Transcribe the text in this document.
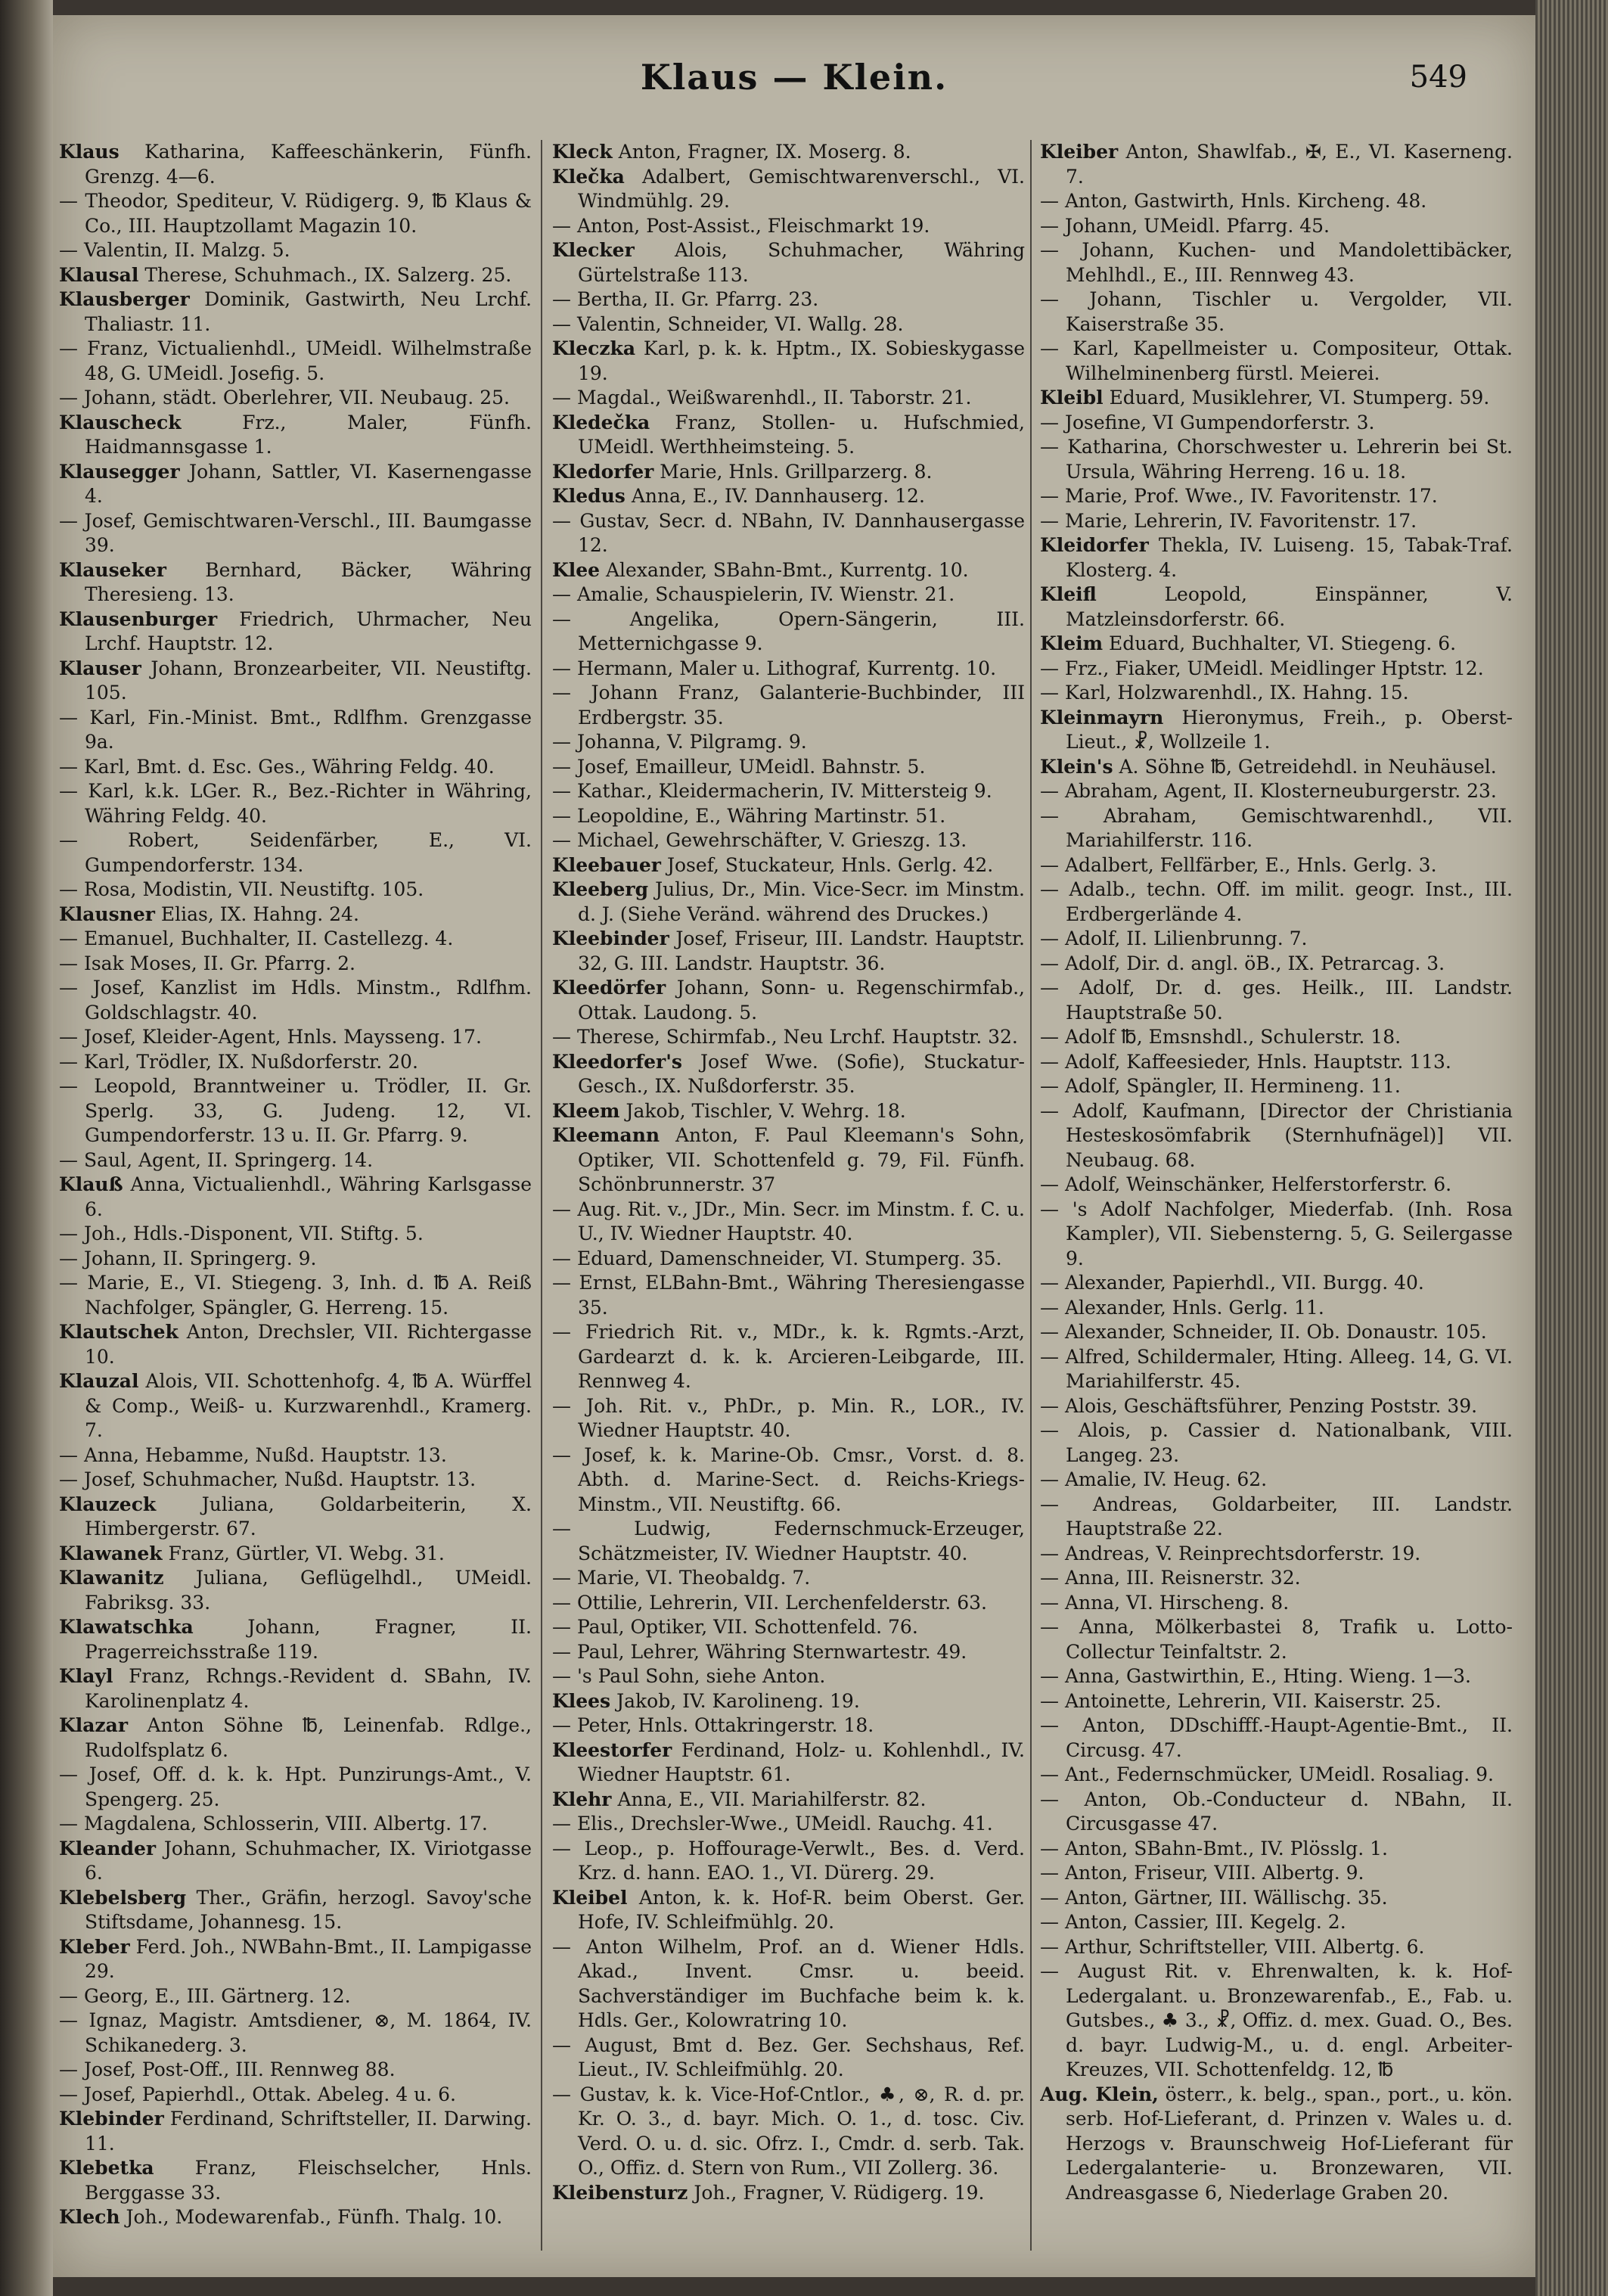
Klaus — Klein.	549

Klaus Katharina, Kaffeeschänkerin, Fünfh. Grenzg. 4—6.

— Theodor, Spediteur, V. Rüdigerg. 9, ℔ Klaus & Co., III. Hauptzollamt Magazin 10.

— Valentin, II. Malzg. 5.

Klausal Therese, Schuhmach., IX. Salzerg. 25.

Klausberger Dominik, Gastwirth, Neu Lrchf. Thaliastr. 11.

— Franz, Victualienhdl., UMeidl. Wilhelmstraße 48, G. UMeidl. Josefig. 5.

— Johann, städt. Oberlehrer, VII. Neubaug. 25.

Klauscheck	Frz., Maler, Fünfh. Haidmannsgasse 1.

Klausegger Johann, Sattler, VI. Kasernengasse 4.

— Josef, Gemischtwaren-Verschl., III. Baumgasse 39.

Klauseker Bernhard, Bäcker, Währing Theresieng. 13.

Klausenburger Friedrich, Uhrmacher, Neu Lrchf. Hauptstr. 12.

Klauser Johann, Bronzearbeiter, VII. Neustiftg. 105.

— Karl, Fin.-Minist. Bmt., Rdlfhm. Grenzgasse 9a.

— Karl, Bmt. d. Esc. Ges., Währing Feldg. 40.

— Karl, k.k. LGer. R., Bez.-Richter in Währing, Währing Feldg. 40.

— Robert, Seidenfärber, E., VI. Gumpendorferstr. 134.

— Rosa, Modistin, VII. Neustiftg. 105.

Klausner Elias, IX. Hahng. 24.

— Emanuel, Buchhalter, II. Castellezg. 4.

— Isak Moses, II. Gr. Pfarrg. 2.

— Josef, Kanzlist im Hdls. Minstm., Rdlfhm. Goldschlagstr. 40.

— Josef, Kleider-Agent, Hnls. Maysseng. 17.

— Karl, Trödler, IX. Nußdorferstr. 20.

— Leopold, Branntweiner u. Trödler, II. Gr. Sperlg. 33, G. Judeng. 12, VI. Gumpendorferstr. 13 u. II. Gr. Pfarrg. 9.

— Saul, Agent, II. Springerg. 14.

Klauß Anna, Victualienhdl., Währing Karlsgasse 6.

— Joh., Hdls.-Disponent, VII. Stiftg. 5.

— Johann, II. Springerg. 9.

— Marie, E., VI. Stiegeng. 3, Inh. d. ℔ A. Reiß Nachfolger, Spängler, G. Herreng. 15.

Klautschek Anton, Drechsler, VII. Richtergasse 10.

Klauzal Alois, VII. Schottenhofg. 4, ℔ A. Würffel & Comp., Weiß- u. Kurzwarenhdl., Kramerg. 7.

— Anna, Hebamme, Nußd. Hauptstr. 13.

— Josef, Schuhmacher, Nußd. Hauptstr. 13.

Klauzeck Juliana, Goldarbeiterin, X. Himbergerstr. 67.

Klawanek Franz, Gürtler, VI. Webg. 31.

Klawanitz Juliana, Geflügelhdl., UMeidl. Fabriksg. 33.

Klawatschka	Johann, Fragner, II. Pragerreichsstraße 119.

Klayl Franz, Rchngs.-Revident d. SBahn, IV. Karolinenplatz 4.

Klazar Anton Söhne ℔, Leinenfab. Rdlge., Rudolfsplatz 6.

— Josef, Off. d. k. k. Hpt. Punzirungs-Amt., V. Spengerg. 25.

— Magdalena, Schlosserin, VIII. Albertg. 17.

Kleander Johann, Schuhmacher, IX. Viriotgasse 6.

Klebelsberg Ther., Gräfin, herzogl. Savoy'sche Stiftsdame, Johannesg. 15.

Kleber Ferd. Joh., NWBahn-Bmt., II. Lampigasse 29.

— Georg, E., III. Gärtnerg. 12.

— Ignaz, Magistr. Amtsdiener, ⊗, M. 1864, IV. Schikanederg. 3.

— Josef, Post-Off., III. Rennweg 88.

— Josef, Papierhdl., Ottak. Abeleg. 4 u. 6.

Klebinder Ferdinand, Schriftsteller, II. Darwing. 11.

Klebetka Franz, Fleischselcher, Hnls. Berggasse 33.

Klech Joh., Modewarenfab., Fünfh. Thalg. 10.

Kleck Anton, Fragner, IX. Moserg. 8.

Klečka Adalbert, Gemischtwarenverschl., VI. Windmühlg. 29.

— Anton, Post-Assist., Fleischmarkt 19.

Klecker Alois, Schuhmacher, Währing Gürtelstraße 113.

— Bertha, II. Gr. Pfarrg. 23.

— Valentin, Schneider, VI. Wallg. 28.

Kleczka Karl, p. k. k. Hptm., IX. Sobieskygasse 19.

— Magdal., Weißwarenhdl., II. Taborstr. 21.

Kledečka Franz, Stollen- u. Hufschmied, UMeidl. Werthheimsteing. 5.

Kledorfer Marie, Hnls. Grillparzerg. 8.

Kledus Anna, E., IV. Dannhauserg. 12.

— Gustav, Secr. d. NBahn, IV. Dannhausergasse 12.

Klee Alexander, SBahn-Bmt., Kurrentg. 10.

— Amalie, Schauspielerin, IV. Wienstr. 21.

— Angelika, Opern-Sängerin, III. Metternichgasse 9.

— Hermann, Maler u. Lithograf, Kurrentg. 10.

— Johann Franz, Galanterie-Buchbinder, III Erdbergstr. 35.

— Johanna, V. Pilgramg. 9.

— Josef, Emailleur, UMeidl. Bahnstr. 5.

— Kathar., Kleidermacherin, IV. Mittersteig 9.

— Leopoldine, E., Währing Martinstr. 51.

— Michael, Gewehrschäfter, V. Grieszg. 13.

Kleebauer Josef, Stuckateur, Hnls. Gerlg. 42.

Kleeberg Julius, Dr., Min. Vice-Secr. im Minstm. d. J. (Siehe Veränd. während des Druckes.)

Kleebinder Josef, Friseur, III. Landstr. Hauptstr. 32, G. III. Landstr. Hauptstr. 36.

Kleedörfer Johann, Sonn- u. Regenschirmfab., Ottak. Laudong. 5.

— Therese, Schirmfab., Neu Lrchf. Hauptstr. 32.

Kleedorfer's Josef Wwe. (Sofie), Stuckatur-Gesch., IX. Nußdorferstr. 35.

Kleem Jakob, Tischler, V. Wehrg. 18.

Kleemann Anton, F. Paul Kleemann's Sohn, Optiker, VII. Schottenfeld g. 79, Fil. Fünfh. Schönbrunnerstr. 37

— Aug. Rit. v., JDr., Min. Secr. im Minstm. f. C. u. U., IV. Wiedner Hauptstr. 40.

— Eduard, Damenschneider, VI. Stumperg. 35.

— Ernst, ELBahn-Bmt., Währing Theresiengasse 35.

— Friedrich Rit. v., MDr., k. k. Rgmts.-Arzt, Gardearzt d. k. k. Arcieren-Leibgarde, III. Rennweg 4.

— Joh. Rit. v., PhDr., p. Min. R., LOR., IV. Wiedner Hauptstr. 40.

— Josef, k. k. Marine-Ob. Cmsr., Vorst. d. 8. Abth. d. Marine-Sect. d. Reichs-Kriegs-Minstm., VII. Neustiftg. 66.

— Ludwig, Federnschmuck-Erzeuger, Schätzmeister, IV. Wiedner Hauptstr. 40.

— Marie, VI. Theobaldg. 7.

— Ottilie, Lehrerin, VII. Lerchenfelderstr. 63.

— Paul, Optiker, VII. Schottenfeld. 76.

— Paul, Lehrer, Währing Sternwartestr. 49.

— 's Paul Sohn, siehe Anton.

Klees Jakob, IV. Karolineng. 19.

— Peter, Hnls. Ottakringerstr. 18.

Kleestorfer Ferdinand, Holz- u. Kohlenhdl., IV. Wiedner Hauptstr. 61.

Klehr Anna, E., VII. Mariahilferstr. 82.

— Elis., Drechsler-Wwe., UMeidl. Rauchg. 41.

— Leop., p. Hoffourage-Verwlt., Bes. d. Verd. Krz. d. hann. EAO. 1., VI. Dürerg. 29.

Kleibel Anton, k. k. Hof-R. beim Oberst. Ger. Hofe, IV. Schleifmühlg. 20.

— Anton Wilhelm, Prof. an d. Wiener Hdls. Akad., Invent. Cmsr. u. beeid. Sachverständiger im Buchfache beim k. k. Hdls. Ger., Kolowratring 10.

— August, Bmt d. Bez. Ger. Sechshaus, Ref. Lieut., IV. Schleifmühlg. 20.

— Gustav, k. k. Vice-Hof-Cntlor., ♣, ⊗, R. d. pr. Kr. O. 3., d. bayr. Mich. O. 1., d. tosc. Civ. Verd. O. u. d. sic. Ofrz. I., Cmdr. d. serb. Tak. O., Offiz. d. Stern von Rum., VII Zollerg. 36.

Kleibensturz Joh., Fragner, V. Rüdigerg. 19.

Kleiber Anton, Shawlfab., ✠, E., VI. Kaserneng. 7.

— Anton, Gastwirth, Hnls. Kircheng. 48.

— Johann, UMeidl. Pfarrg. 45.

— Johann, Kuchen- und Mandolettibäcker, Mehlhdl., E., III. Rennweg 43.

— Johann, Tischler u. Vergolder, VII. Kaiserstraße 35.

— Karl, Kapellmeister u. Compositeur, Ottak. Wilhelminenberg fürstl. Meierei.

Kleibl Eduard, Musiklehrer, VI. Stumperg. 59.

— Josefine, VI Gumpendorferstr. 3.

— Katharina, Chorschwester u. Lehrerin bei St. Ursula, Währing Herreng. 16 u. 18.

— Marie, Prof. Wwe., IV. Favoritenstr. 17.

— Marie, Lehrerin, IV. Favoritenstr. 17.

Kleidorfer Thekla, IV. Luiseng. 15, Tabak-Traf. Klosterg. 4.

Kleifl	Leopold, Einspänner, V. Matzleinsdorferstr. 66.

Kleim Eduard, Buchhalter, VI. Stiegeng. 6.

— Frz., Fiaker, UMeidl. Meidlinger Hptstr. 12.

— Karl, Holzwarenhdl., IX. Hahng. 15.

Kleinmayrn Hieronymus, Freih., p. Oberst-Lieut., ☧, Wollzeile 1.

Klein's A. Söhne ℔, Getreidehdl. in Neuhäusel.

— Abraham, Agent, II. Klosterneuburgerstr. 23.

— Abraham, Gemischtwarenhdl., VII. Mariahilferstr. 116.

— Adalbert, Fellfärber, E., Hnls. Gerlg. 3.

— Adalb., techn. Off. im milit. geogr. Inst., III. Erdbergerlände 4.

— Adolf, II. Lilienbrunng. 7.

— Adolf, Dir. d. angl. öB., IX. Petrarcag. 3.

— Adolf, Dr. d. ges. Heilk., III. Landstr. Hauptstraße 50.

— Adolf ℔, Emsnshdl., Schulerstr. 18.

— Adolf, Kaffeesieder, Hnls. Hauptstr. 113.

— Adolf, Spängler, II. Hermineng. 11.

— Adolf, Kaufmann, [Director der Christiania Hesteskosömfabrik (Sternhufnägel)] VII. Neubaug. 68.

— Adolf, Weinschänker, Helferstorferstr. 6.

— 's Adolf Nachfolger, Miederfab. (Inh. Rosa Kampler), VII. Siebensterng. 5, G. Seilergasse 9.

— Alexander, Papierhdl., VII. Burgg. 40.

— Alexander, Hnls. Gerlg. 11.

— Alexander, Schneider, II. Ob. Donaustr. 105.

— Alfred, Schildermaler, Hting. Alleeg. 14, G. VI. Mariahilferstr. 45.

— Alois, Geschäftsführer, Penzing Poststr. 39.

— Alois, p. Cassier d. Nationalbank, VIII. Langeg. 23.

— Amalie, IV. Heug. 62.

— Andreas, Goldarbeiter, III. Landstr. Hauptstraße 22.

— Andreas, V. Reinprechtsdorferstr. 19.

— Anna, III. Reisnerstr. 32.

— Anna, VI. Hirscheng. 8.

— Anna, Mölkerbastei 8, Trafik u. Lotto-Collectur Teinfaltstr. 2.

— Anna, Gastwirthin, E., Hting. Wieng. 1—3.

— Antoinette, Lehrerin, VII. Kaiserstr. 25.

— Anton, DDschifff.-Haupt-Agentie-Bmt., II. Circusg. 47.

— Ant., Federnschmücker, UMeidl. Rosaliag. 9.

— Anton, Ob.-Conducteur d. NBahn, II. Circusgasse 47.

— Anton, SBahn-Bmt., IV. Plösslg. 1.

— Anton, Friseur, VIII. Albertg. 9.

— Anton, Gärtner, III. Wällischg. 35.

— Anton, Cassier, III. Kegelg. 2.

— Arthur, Schriftsteller, VIII. Albertg. 6.

— August Rit. v. Ehrenwalten, k. k. Hof-Ledergalant. u. Bronzewarenfab., E., Fab. u. Gutsbes., ♣ 3., ☧, Offiz. d. mex. Guad. O., Bes. d. bayr. Ludwig-M., u. d. engl. Arbeiter-Kreuzes, VII. Schottenfeldg. 12, ℔

Aug. Klein, österr., k. belg., span., port., u. kön. serb. Hof-Lieferant, d. Prinzen v. Wales u. d. Herzogs v. Braunschweig Hof-Lieferant für Ledergalanterie- u. Bronzewaren, VII. Andreasgasse 6, Niederlage Graben 20.
